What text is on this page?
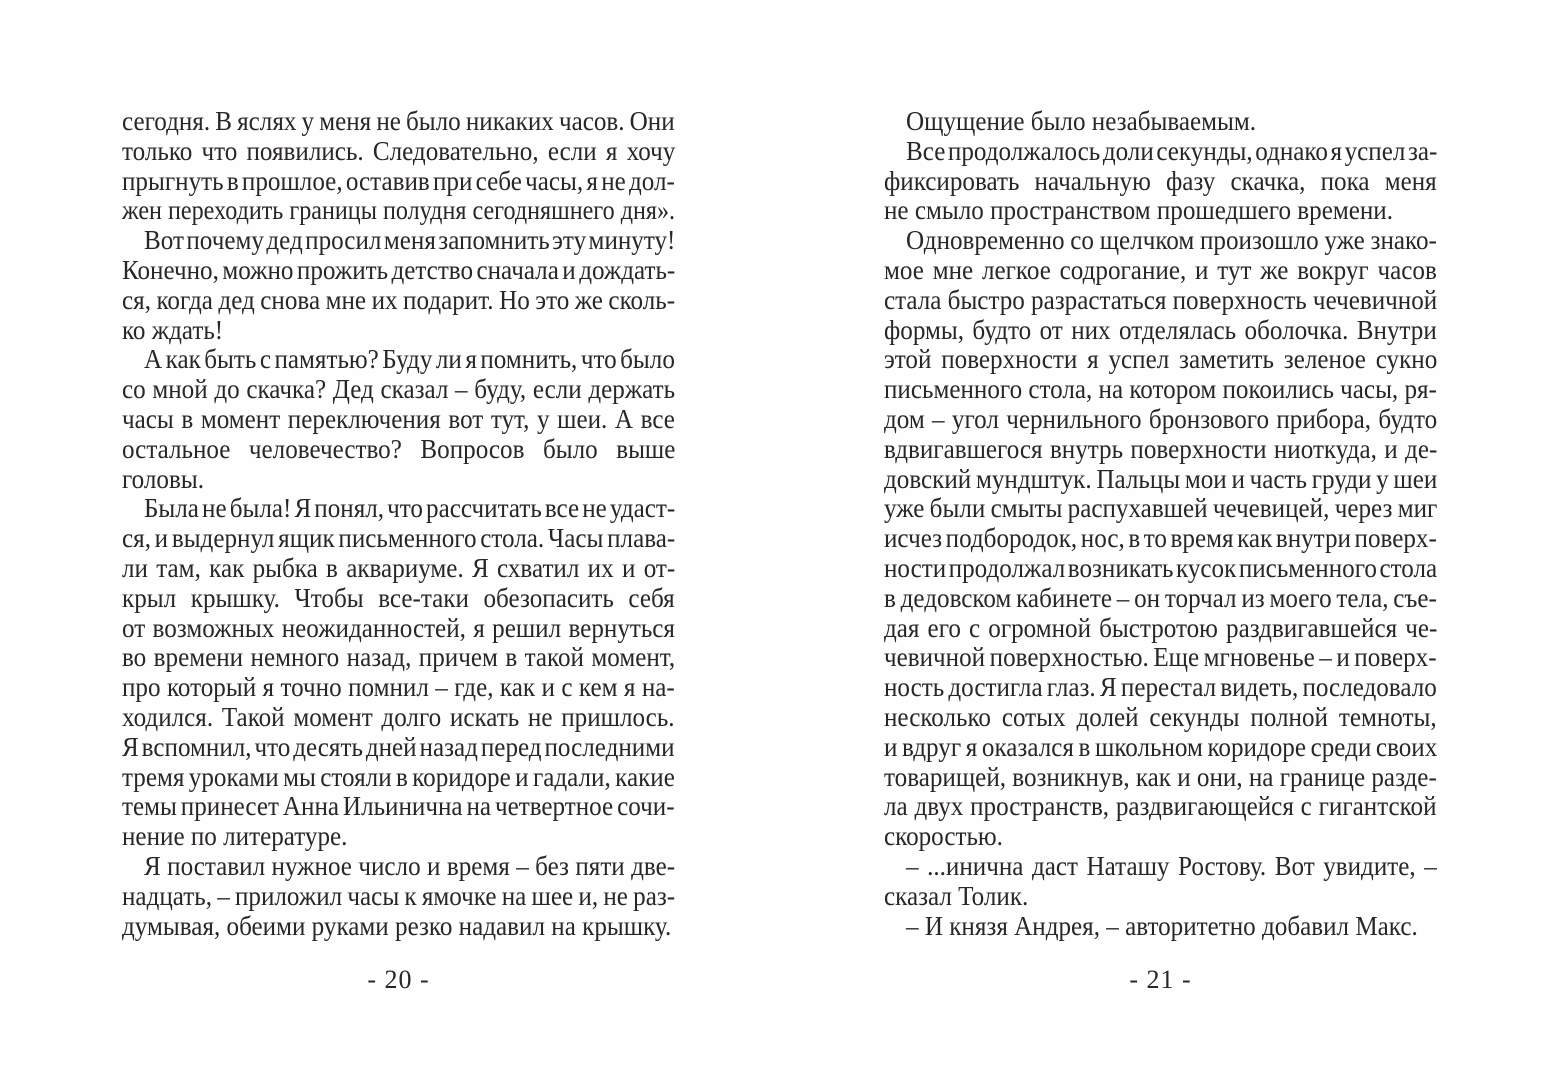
сегодня. В яслях у меня не было никаких часов. Они
только что появились. Следовательно, если я хочу
прыгнуть в прошлое, оставив при себе часы, я не дол-
жен переходить границы полудня сегодняшнего дня».
Вот почему дед просил меня запомнить эту минуту!
Конечно, можно прожить детство сначала и дождать-
ся, когда дед снова мне их подарит. Но это же сколь-
ко ждать!
А как быть с памятью? Буду ли я помнить, что было
со мной до скачка? Дед сказал – буду, если держать
часы в момент переключения вот тут, у шеи. А все
остальное человечество? Вопросов было выше
головы.
Была не была! Я понял, что рассчитать все не удаст-
ся, и выдернул ящик письменного стола. Часы плава-
ли там, как рыбка в аквариуме. Я схватил их и от-
крыл крышку. Чтобы все-таки обезопасить себя
от возможных неожиданностей, я решил вернуться
во времени немного назад, причем в такой момент,
про который я точно помнил – где, как и с кем я на-
ходился. Такой момент долго искать не пришлось.
Я вспомнил, что десять дней назад перед последними
тремя уроками мы стояли в коридоре и гадали, какие
темы принесет Анна Ильинична на четвертное сочи-
нение по литературе.
Я поставил нужное число и время – без пяти две-
надцать, – приложил часы к ямочке на шее и, не раз-
думывая, обеими руками резко надавил на крышку.
- 20 -
Ощущение было незабываемым.
Все продолжалось доли секунды, однако я успел за-
фиксировать начальную фазу скачка, пока меня
не смыло пространством прошедшего времени.
Одновременно со щелчком произошло уже знако-
мое мне легкое содрогание, и тут же вокруг часов
стала быстро разрастаться поверхность чечевичной
формы, будто от них отделялась оболочка. Внутри
этой поверхности я успел заметить зеленое сукно
письменного стола, на котором покоились часы, ря-
дом – угол чернильного бронзового прибора, будто
вдвигавшегося внутрь поверхности ниоткуда, и де-
довский мундштук. Пальцы мои и часть груди у шеи
уже были смыты распухавшей чечевицей, через миг
исчез подбородок, нос, в то время как внутри поверх-
ности продолжал возникать кусок письменного стола
в дедовском кабинете – он торчал из моего тела, съе-
дая его с огромной быстротою раздвигавшейся че-
чевичной поверхностью. Еще мгновенье – и поверх-
ность достигла глаз. Я перестал видеть, последовало
несколько сотых долей секунды полной темноты,
и вдруг я оказался в школьном коридоре среди своих
товарищей, возникнув, как и они, на границе разде-
ла двух пространств, раздвигающейся с гигантской
скоростью.
– ...инична даст Наташу Ростову. Вот увидите, –
сказал Толик.
– И князя Андрея, – авторитетно добавил Макс.
- 21 -
